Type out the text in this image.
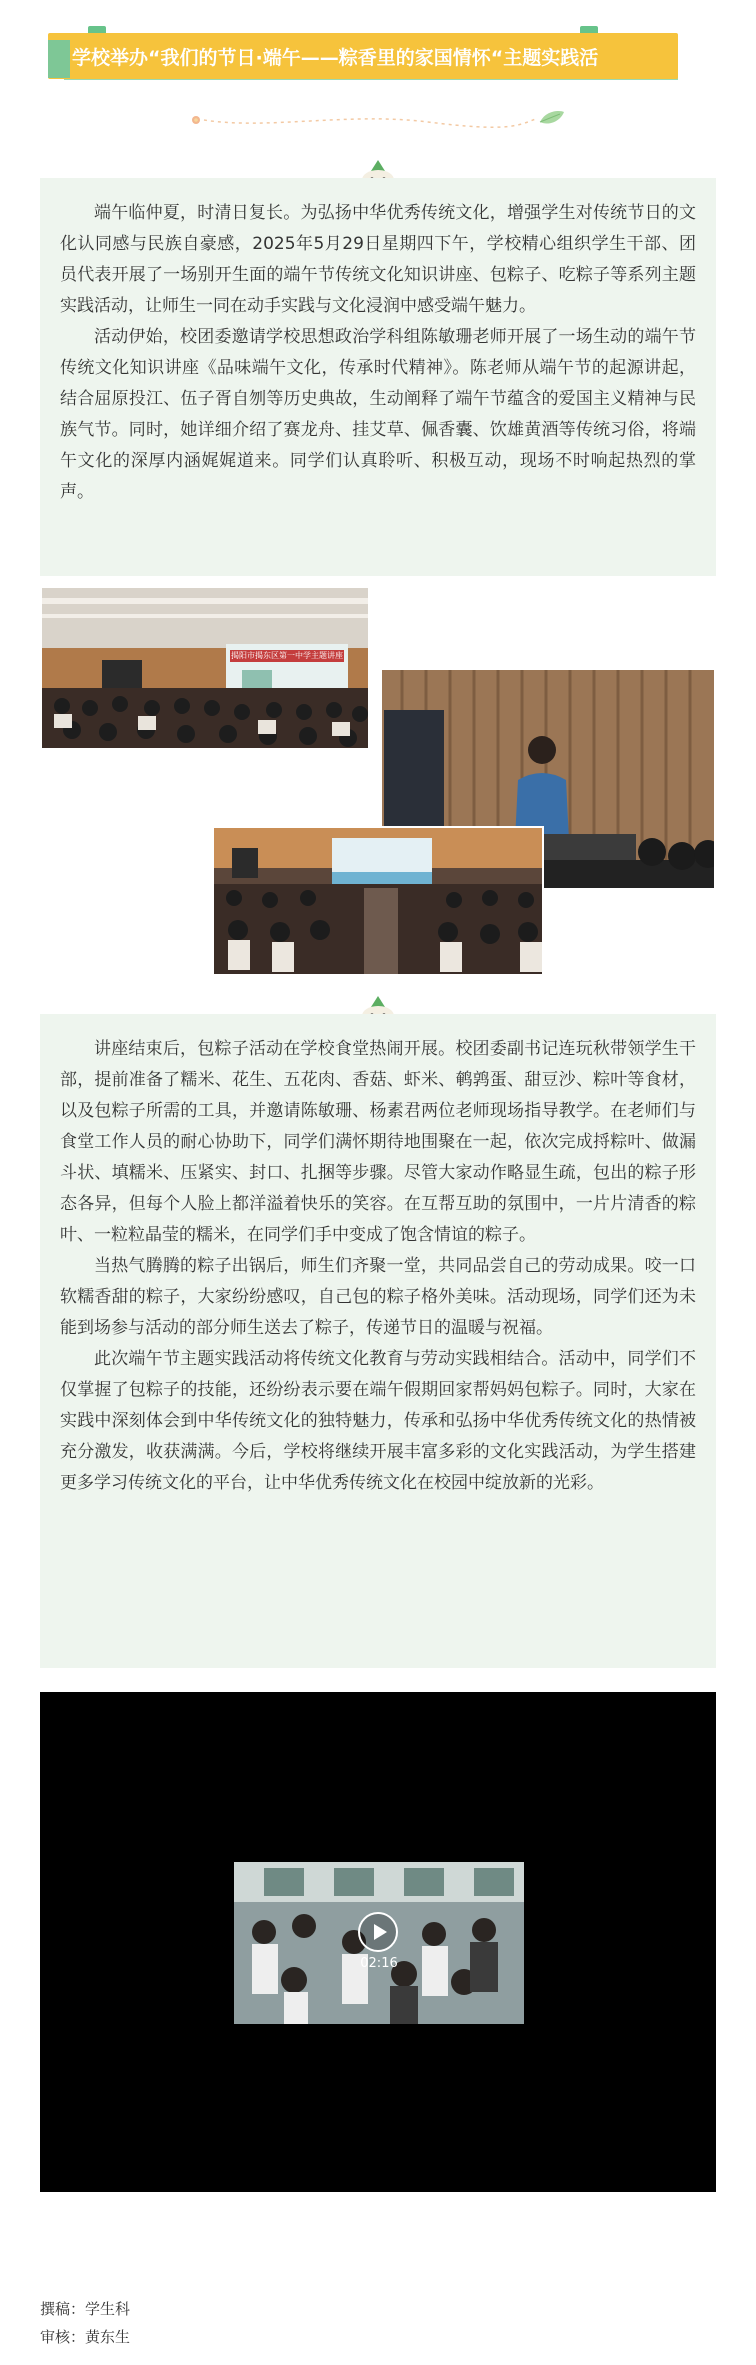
学校举办“我们的节日·端午——粽香里的家国情怀“主题实践活

端午临仲夏，时清日复长。为弘扬中华优秀传统文化，增强学生对传统节日的文化认同感与民族自豪感，2025年5月29日星期四下午，学校精心组织学生干部、团员代表开展了一场别开生面的端午节传统文化知识讲座、包粽子、吃粽子等系列主题实践活动，让师生一同在动手实践与文化浸润中感受端午魅力。

活动伊始，校团委邀请学校思想政治学科组陈敏珊老师开展了一场生动的端午节传统文化知识讲座《品味端午文化，传承时代精神》。陈老师从端午节的起源讲起，结合屈原投江、伍子胥自刎等历史典故，生动阐释了端午节蕴含的爱国主义精神与民族气节。同时，她详细介绍了赛龙舟、挂艾草、佩香囊、饮雄黄酒等传统习俗，将端午文化的深厚内涵娓娓道来。同学们认真聆听、积极互动，现场不时响起热烈的掌声。

揭阳市揭东区第一中学主题讲座

讲座结束后，包粽子活动在学校食堂热闹开展。校团委副书记连玩秋带领学生干部，提前准备了糯米、花生、五花肉、香菇、虾米、鹌鹑蛋、甜豆沙、粽叶等食材，以及包粽子所需的工具，并邀请陈敏珊、杨素君两位老师现场指导教学。在老师们与食堂工作人员的耐心协助下，同学们满怀期待地围聚在一起，依次完成捋粽叶、做漏斗状、填糯米、压紧实、封口、扎捆等步骤。尽管大家动作略显生疏，包出的粽子形态各异，但每个人脸上都洋溢着快乐的笑容。在互帮互助的氛围中，一片片清香的粽叶、一粒粒晶莹的糯米，在同学们手中变成了饱含情谊的粽子。

当热气腾腾的粽子出锅后，师生们齐聚一堂，共同品尝自己的劳动成果。咬一口软糯香甜的粽子，大家纷纷感叹，自己包的粽子格外美味。活动现场，同学们还为未能到场参与活动的部分师生送去了粽子，传递节日的温暖与祝福。

此次端午节主题实践活动将传统文化教育与劳动实践相结合。活动中，同学们不仅掌握了包粽子的技能，还纷纷表示要在端午假期回家帮妈妈包粽子。同时，大家在实践中深刻体会到中华传统文化的独特魅力，传承和弘扬中华优秀传统文化的热情被充分激发，收获满满。今后，学校将继续开展丰富多彩的文化实践活动，为学生搭建更多学习传统文化的平台，让中华优秀传统文化在校园中绽放新的光彩。

02:16
撰稿：学生科
审核：黄东生
